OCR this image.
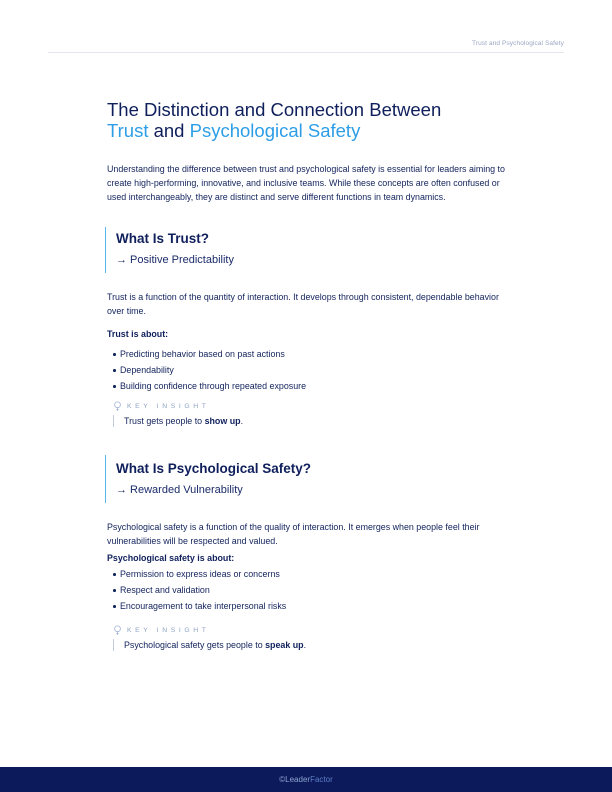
Trust and Psychological Safety
The Distinction and Connection Between
Trust and Psychological Safety

Understanding the difference between trust and psychological safety is essential for leaders aiming to create high-performing, innovative, and inclusive teams. While these concepts are often confused or used interchangeably, they are distinct and serve different functions in team dynamics.

What Is Trust?
→ Positive Predictability

Trust is a function of the quantity of interaction. It develops through consistent, dependable behavior over time.

Trust is about:

Predicting behavior based on past actions
Dependability
Building confidence through repeated exposure
KEY INSIGHT
Trust gets people to show up.
What Is Psychological Safety?
→ Rewarded Vulnerability

Psychological safety is a function of the quality of interaction. It emerges when people feel their vulnerabilities will be respected and valued.

Psychological safety is about:

Permission to express ideas or concerns
Respect and validation
Encouragement to take interpersonal risks
KEY INSIGHT
Psychological safety gets people to speak up.
©LeaderFactor
